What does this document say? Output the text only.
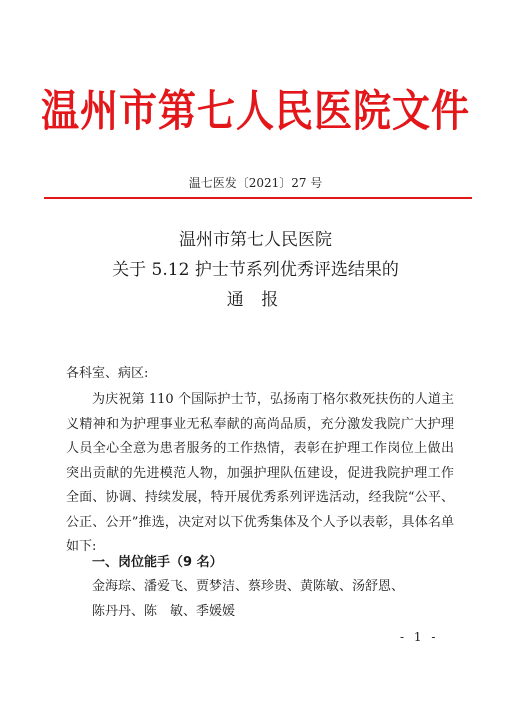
温州市第七人民医院文件
温七医发〔2021〕27 号
温州市第七人民医院
关于 5.12 护士节系列优秀评选结果的
通 报
各科室、病区:

为庆祝第 110 个国际护士节，弘扬南丁格尔救死扶伤的人道主义精神和为护理事业无私奉献的高尚品质，充分激发我院广大护理人员全心全意为患者服务的工作热情，表彰在护理工作岗位上做出突出贡献的先进模范人物，加强护理队伍建设，促进我院护理工作全面、协调、持续发展，特开展优秀系列评选活动，经我院“公平、公正、公开”推选，决定对以下优秀集体及个人予以表彰，具体名单如下:

一、岗位能手（9 名）
金海琮、潘爱飞、贾梦洁、蔡珍贵、黄陈敏、汤舒恩、
陈丹丹、陈　敏、季媛媛
- 1 -
